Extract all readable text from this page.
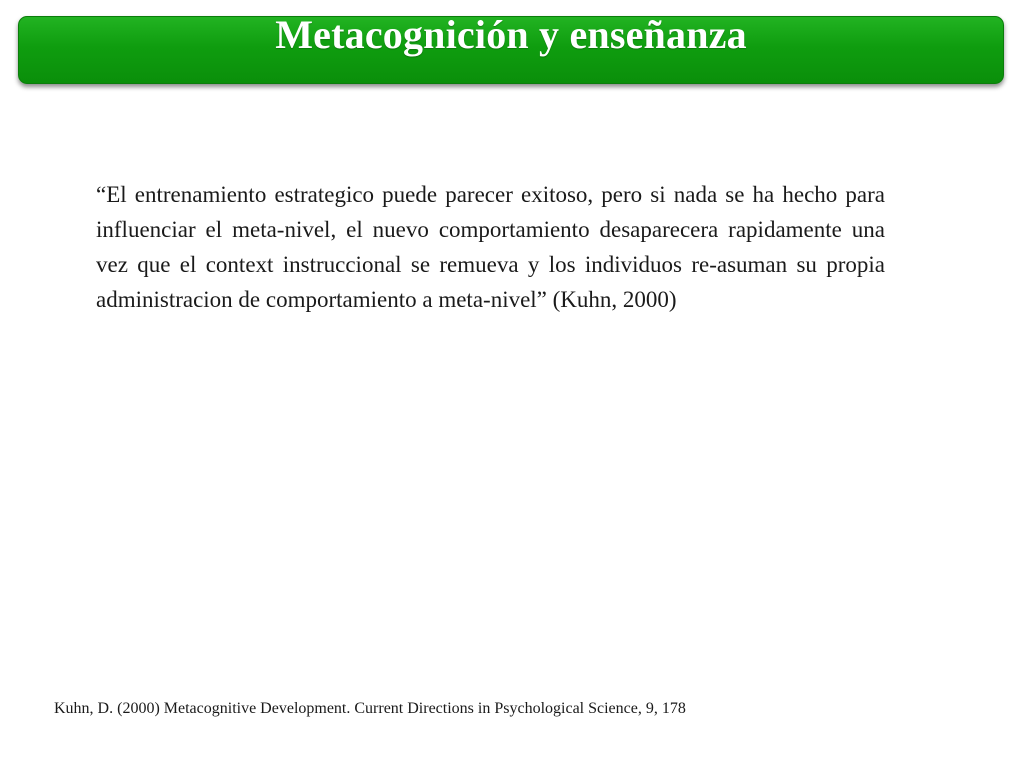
Metacognición y enseñanza

“El entrenamiento estrategico puede parecer exitoso, pero si nada se ha hecho para influenciar el meta-nivel, el nuevo comportamiento desaparecera rapidamente una vez que el context instruccional se remueva y los individuos re-asuman su propia administracion de comportamiento a meta-nivel” (Kuhn, 2000)

Kuhn, D. (2000) Metacognitive Development. Current Directions in Psychological Science, 9, 178
